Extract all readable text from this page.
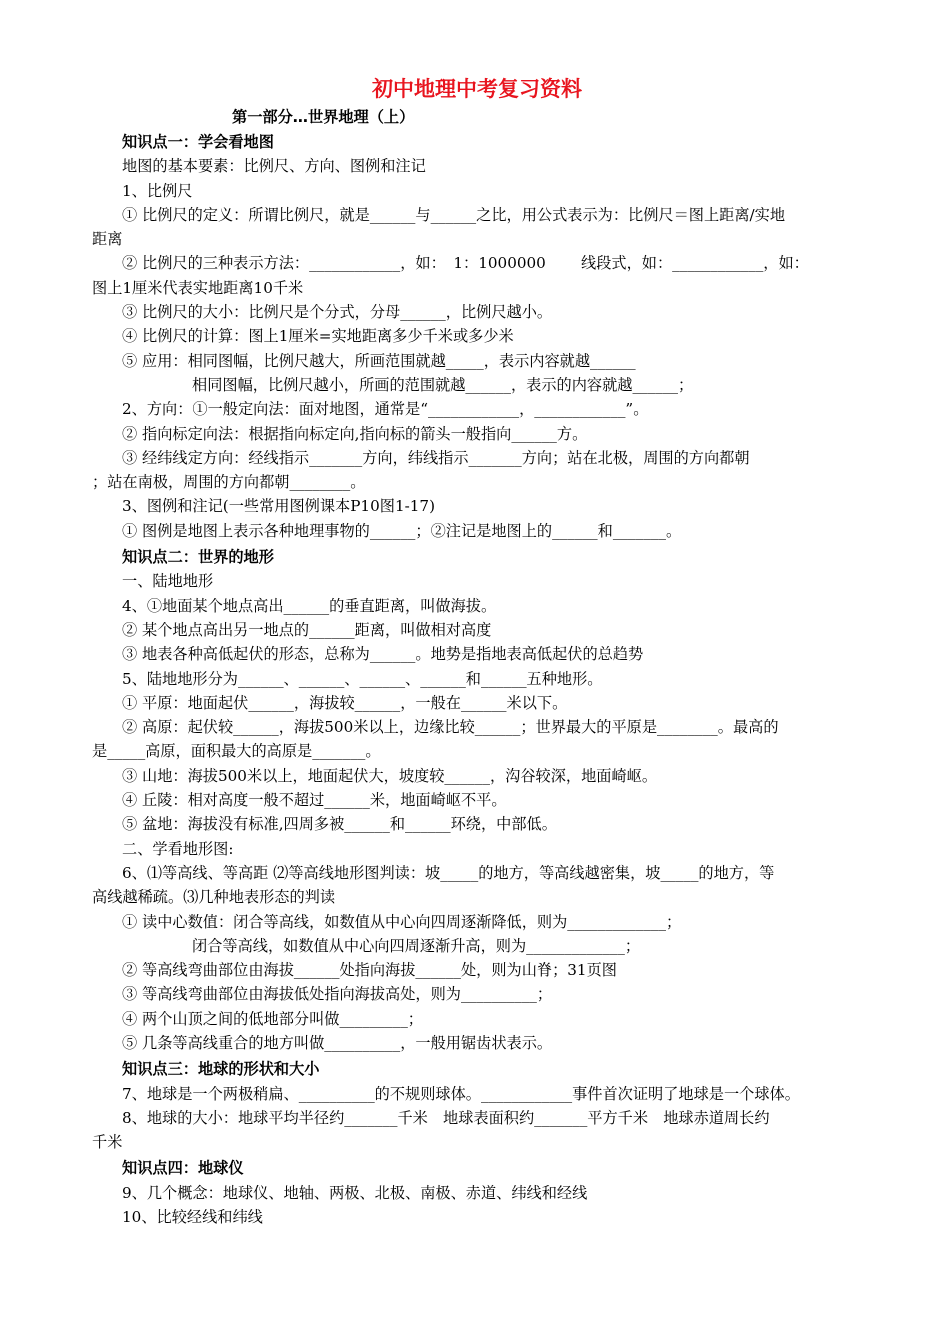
初中地理中考复习资料
第一部分…世界地理（上）
知识点一：学会看地图
地图的基本要素：比例尺、方向、图例和注记
1、比例尺
① 比例尺的定义：所谓比例尺，就是______与______之比，用公式表示为：比例尺＝图上距离/实地
距离
② 比例尺的三种表示方法：____________，如：　1：1000000　　 线段式，如：____________，如：
图上1厘米代表实地距离10千米
③ 比例尺的大小：比例尺是个分式，分母______，比例尺越小。
④ 比例尺的计算：图上1厘米=实地距离多少千米或多少米
⑤ 应用：相同图幅，比例尺越大，所画范围就越_____，表示内容就越______
相同图幅，比例尺越小，所画的范围就越______，表示的内容就越______；
2、方向：①一般定向法：面对地图，通常是“____________，____________”。
② 指向标定向法：根据指向标定向,指向标的箭头一般指向______方。
③ 经纬线定方向：经线指示_______方向，纬线指示_______方向；站在北极，周围的方向都朝
；站在南极，周围的方向都朝________。
3、图例和注记(一些常用图例课本P10图1-17)
① 图例是地图上表示各种地理事物的______；②注记是地图上的______和_______。
知识点二：世界的地形
一、陆地地形
4、①地面某个地点高出______的垂直距离，叫做海拔。
② 某个地点高出另一地点的______距离，叫做相对高度
③ 地表各种高低起伏的形态，总称为______。地势是指地表高低起伏的总趋势
5、陆地地形分为______、______、______、______和______五种地形。
① 平原：地面起伏______，海拔较______，一般在______米以下。
② 高原：起伏较______，海拔500米以上，边缘比较______；世界最大的平原是________。最高的
是_____高原，面积最大的高原是_______。
③ 山地：海拔500米以上，地面起伏大，坡度较______，沟谷较深，地面崎岖。
④ 丘陵：相对高度一般不超过______米，地面崎岖不平。
⑤ 盆地：海拔没有标准,四周多被______和______环绕，中部低。
二、学看地形图:
6、⑴等高线、等高距 ⑵等高线地形图判读：坡_____的地方，等高线越密集，坡_____的地方，等
高线越稀疏。⑶几种地表形态的判读
① 读中心数值：闭合等高线，如数值从中心向四周逐渐降低，则为_____________；
闭合等高线，如数值从中心向四周逐渐升高，则为_____________；
② 等高线弯曲部位由海拔______处指向海拔______处，则为山脊；31页图
③ 等高线弯曲部位由海拔低处指向海拔高处，则为__________；
④ 两个山顶之间的低地部分叫做_________；
⑤ 几条等高线重合的地方叫做__________，一般用锯齿状表示。
知识点三：地球的形状和大小
7、地球是一个两极稍扁、__________的不规则球体。____________事件首次证明了地球是一个球体。
8、地球的大小：地球平均半径约_______千米　地球表面积约_______平方千米　地球赤道周长约
千米
知识点四：地球仪
9、几个概念：地球仪、地轴、两极、北极、南极、赤道、纬线和经线
10、比较经线和纬线
